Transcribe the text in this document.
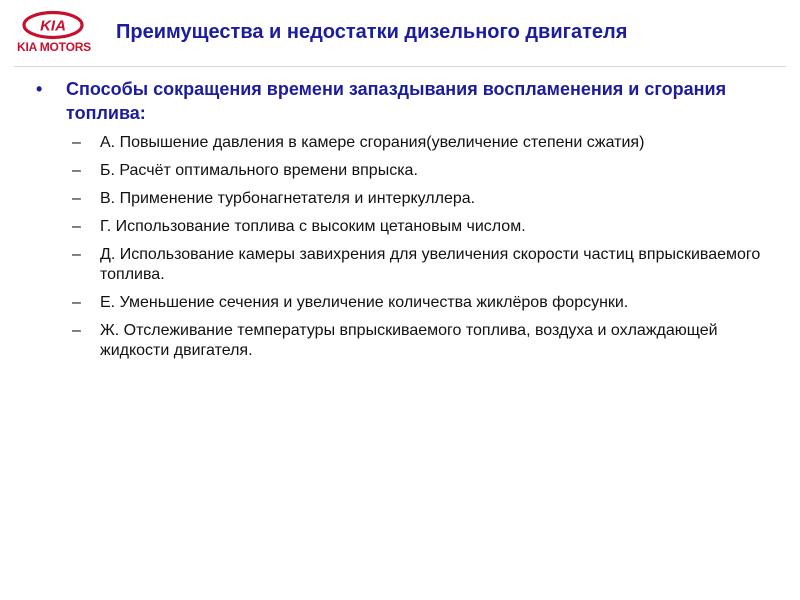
KIA
KIA MOTORS
Преимущества и недостатки дизельного двигателя
• Способы сокращения времени запаздывания воспламенения и сгорания топлива:
– А. Повышение давления в камере сгорания(увеличение степени сжатия)
– Б. Расчёт оптимального времени впрыска.
– В. Применение турбонагнетателя и интеркуллера.
– Г. Использование топлива с высоким цетановым числом.
– Д. Использование камеры завихрения для увеличения скорости частиц впрыскиваемого топлива.
– Е. Уменьшение сечения и увеличение количества жиклёров форсунки.
– Ж. Отслеживание температуры впрыскиваемого топлива, воздуха и охлаждающей жидкости двигателя.
